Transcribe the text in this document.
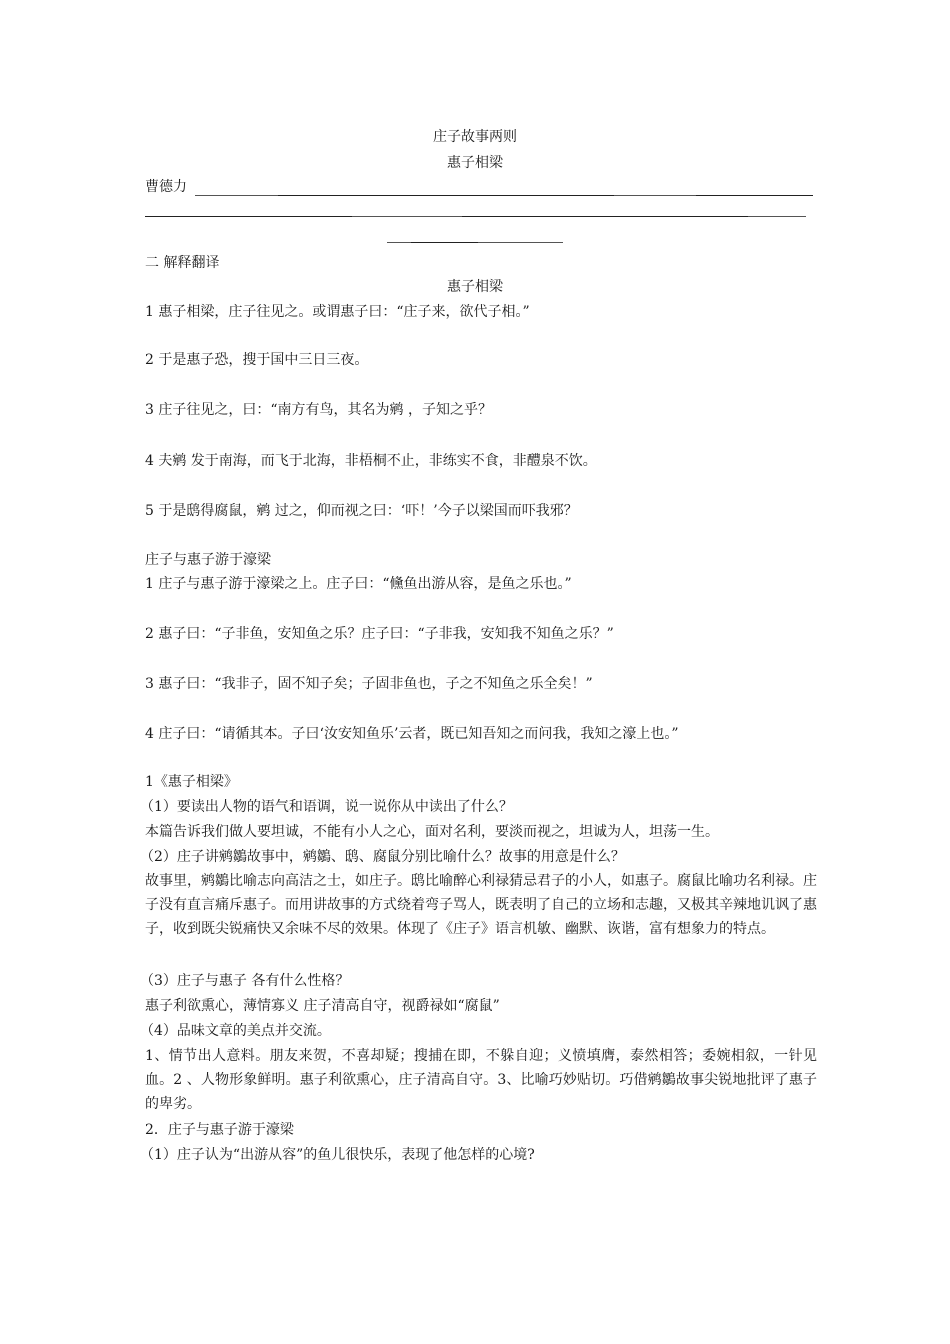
庄子故事两则
惠子相梁
曹德力
二 解释翻译
惠子相梁
1 惠子相梁，庄子往见之。或谓惠子曰：“庄子来，欲代子相。”
2 于是惠子恐，搜于国中三日三夜。
3 庄子往见之，曰：“南方有鸟，其名为鹓 ，子知之乎？
4 夫鹓 发于南海，而飞于北海，非梧桐不止，非练实不食，非醴泉不饮。
5 于是鸱得腐鼠，鹓 过之，仰而视之曰：‘吓！’今子以梁国而吓我邪？
庄子与惠子游于濠梁
1 庄子与惠子游于濠梁之上。庄子曰：“儵鱼出游从容，是鱼之乐也。”
2 惠子曰：“子非鱼，安知鱼之乐？庄子曰：“子非我，安知我不知鱼之乐？”
3 惠子曰：“我非子，固不知子矣；子固非鱼也，子之不知鱼之乐全矣！”
4 庄子曰：“请循其本。子曰‘汝安知鱼乐’云者，既已知吾知之而问我，我知之濠上也。”
1《惠子相梁》
（1）要读出人物的语气和语调，说一说你从中读出了什么？
本篇告诉我们做人要坦诚，不能有小人之心，面对名利，要淡而视之，坦诚为人，坦荡一生。
（2）庄子讲鹓鶵故事中，鹓鶵、鸱、腐鼠分别比喻什么？故事的用意是什么？
故事里，鹓鶵比喻志向高洁之士，如庄子。鸱比喻醉心利禄猜忌君子的小人，如惠子。腐鼠比喻功名利禄。庄子没有直言痛斥惠子。而用讲故事的方式绕着弯子骂人，既表明了自己的立场和志趣，又极其辛辣地讥讽了惠子，收到既尖锐痛快又余味不尽的效果。体现了《庄子》语言机敏、幽默、诙谐，富有想象力的特点。
（3）庄子与惠子 各有什么性格？
惠子利欲熏心，薄情寡义 庄子清高自守，视爵禄如“腐鼠”
（4）品味文章的美点并交流。
1、情节出人意料。朋友来贺，不喜却疑；搜捕在即，不躲自迎；义愤填膺，泰然相答；委婉相叙，一针见血。2 、人物形象鲜明。惠子利欲熏心，庄子清高自守。3、比喻巧妙贴切。巧借鹓鶵故事尖锐地批评了惠子的卑劣。
2．庄子与惠子游于濠梁
（1）庄子认为“出游从容”的鱼儿很快乐，表现了他怎样的心境?
